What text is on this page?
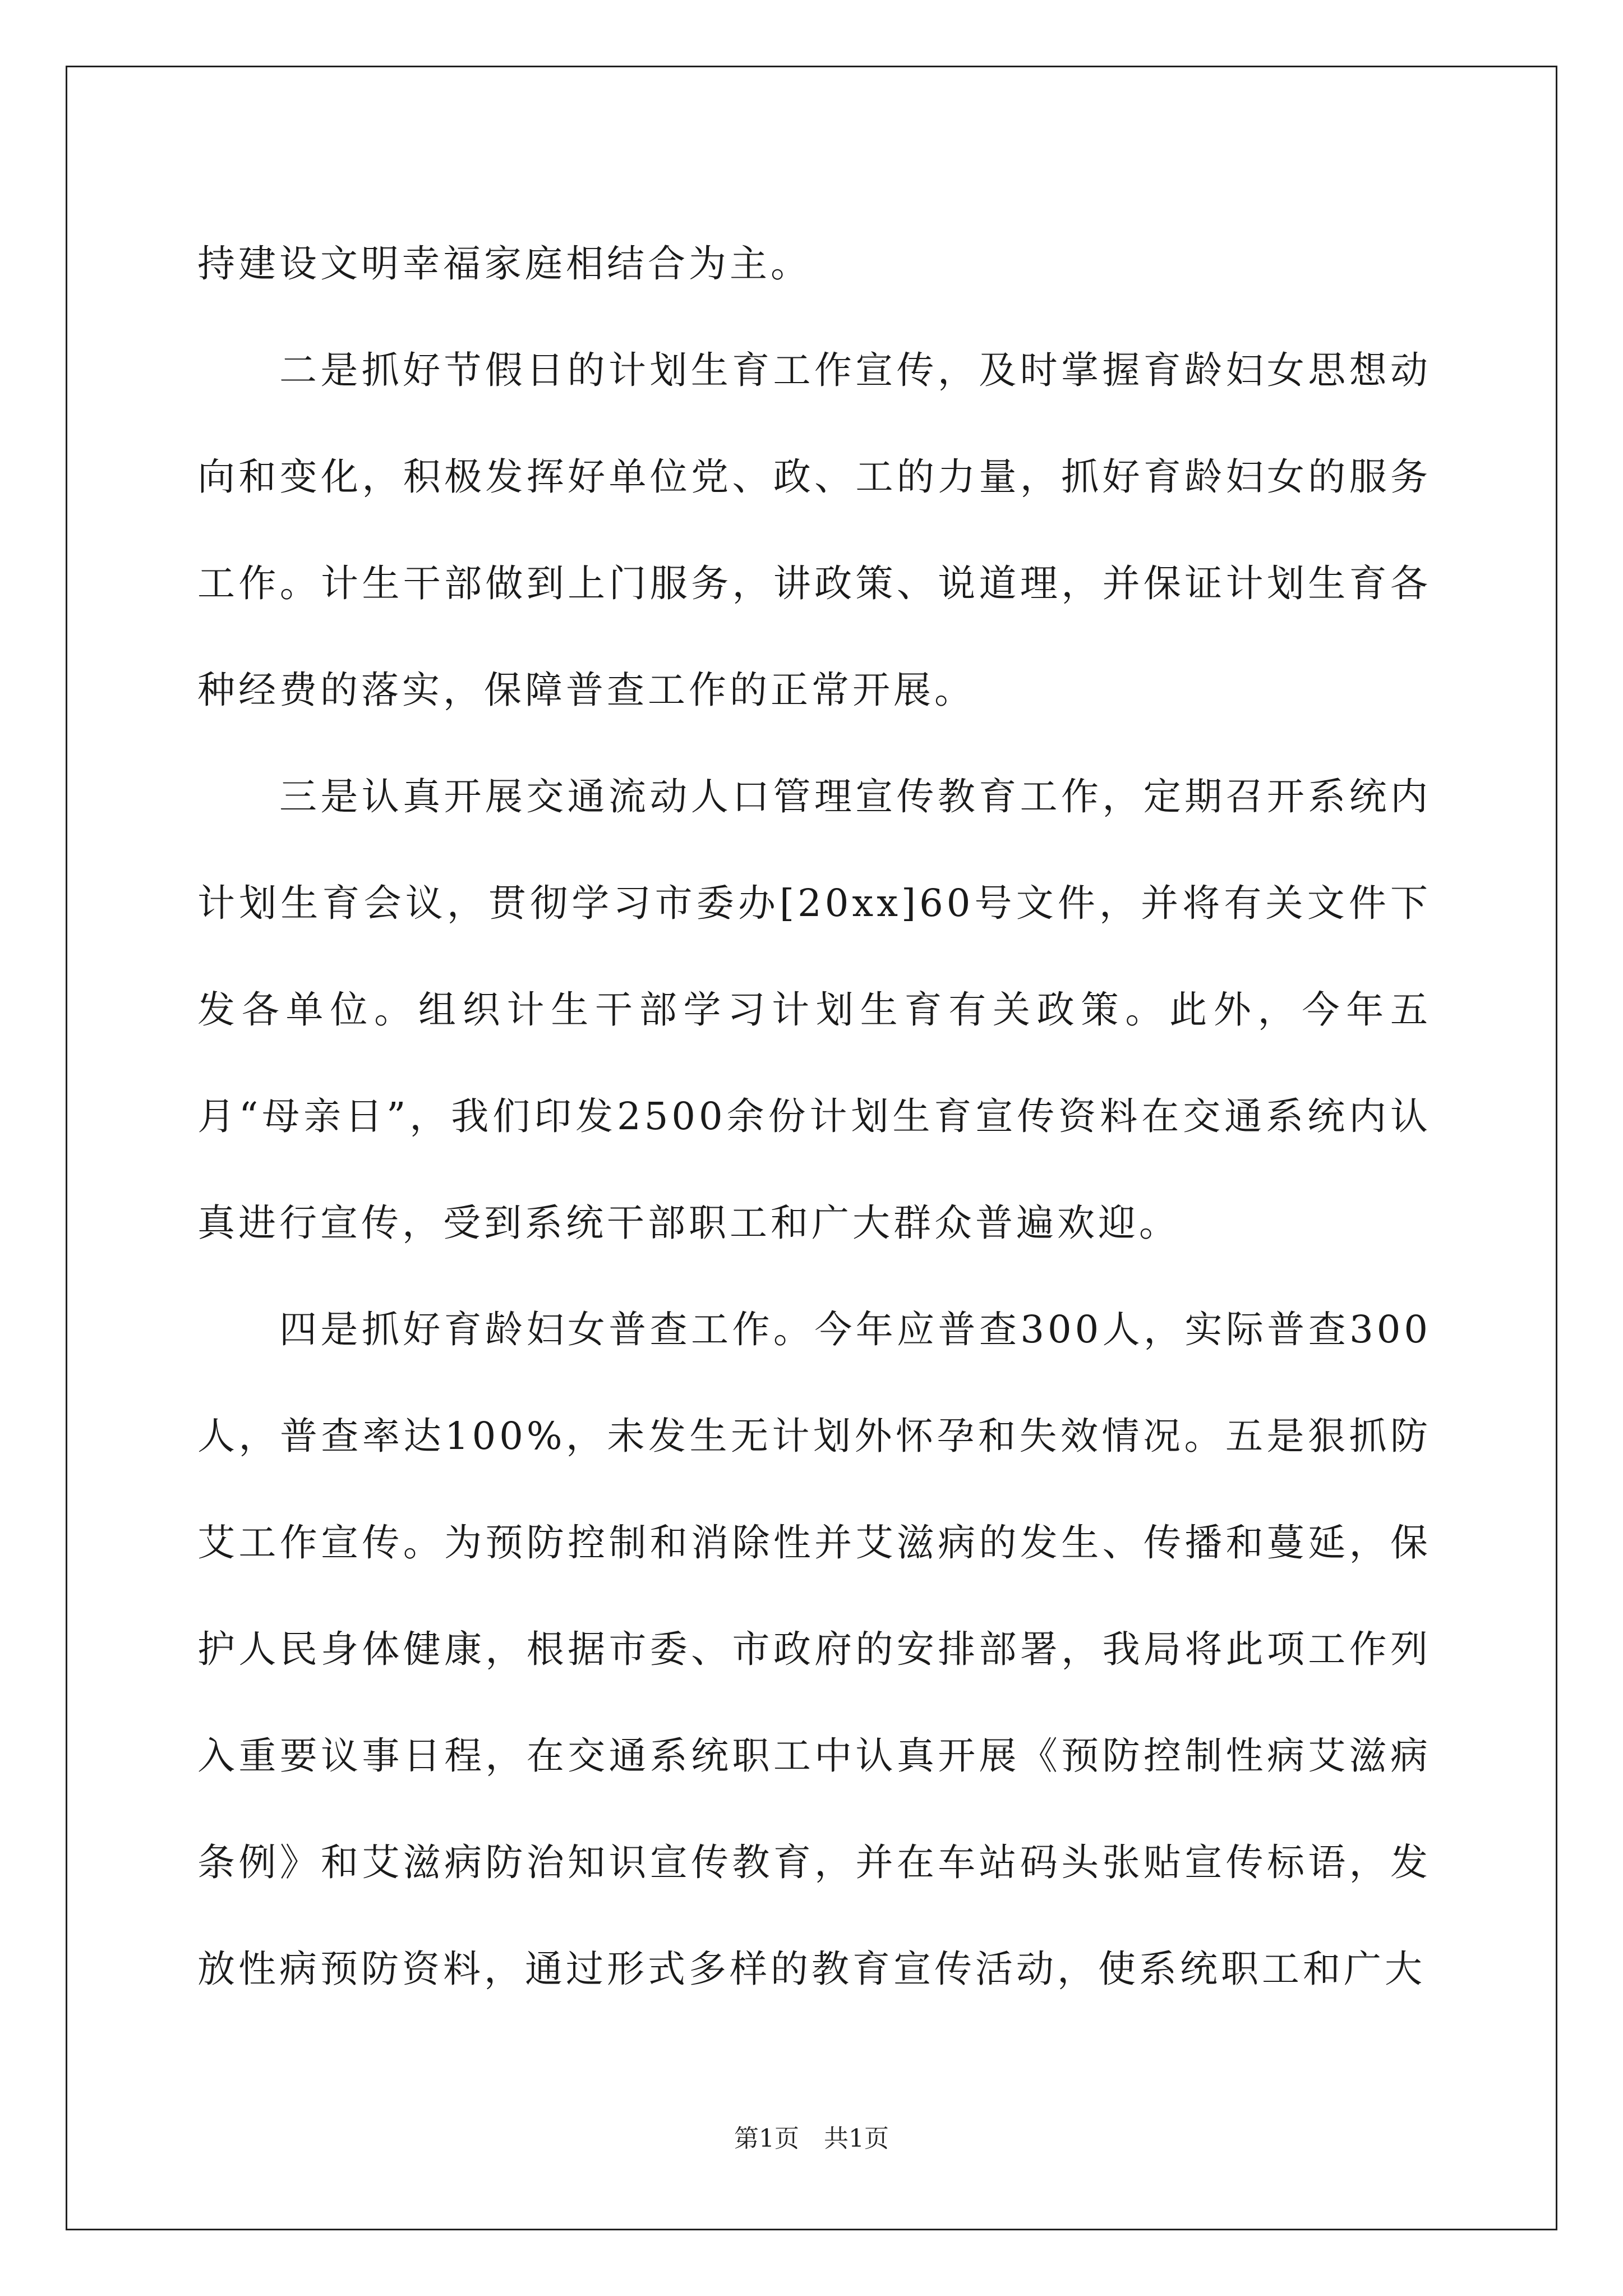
持建设文明幸福家庭相结合为主。

二是抓好节假日的计划生育工作宣传，及时掌握育龄妇女思想动向和变化，积极发挥好单位党、政、工的力量，抓好育龄妇女的服务工作。计生干部做到上门服务，讲政策、说道理，并保证计划生育各种经费的落实，保障普查工作的正常开展。

三是认真开展交通流动人口管理宣传教育工作，定期召开系统内计划生育会议，贯彻学习市委办[20xx]60号文件，并将有关文件下发各单位。组织计生干部学习计划生育有关政策。此外，今年五月“母亲日”，我们印发2500余份计划生育宣传资料在交通系统内认真进行宣传，受到系统干部职工和广大群众普遍欢迎。

四是抓好育龄妇女普查工作。今年应普查300人，实际普查300人，普查率达100%，未发生无计划外怀孕和失效情况。五是狠抓防艾工作宣传。为预防控制和消除性并艾滋病的发生、传播和蔓延，保护人民身体健康，根据市委、市政府的安排部署，我局将此项工作列入重要议事日程，在交通系统职工中认真开展《预防控制性病艾滋病条例》和艾滋病防治知识宣传教育，并在车站码头张贴宣传标语，发放性病预防资料，通过形式多样的教育宣传活动，使系统职工和广大

第1页 共1页
